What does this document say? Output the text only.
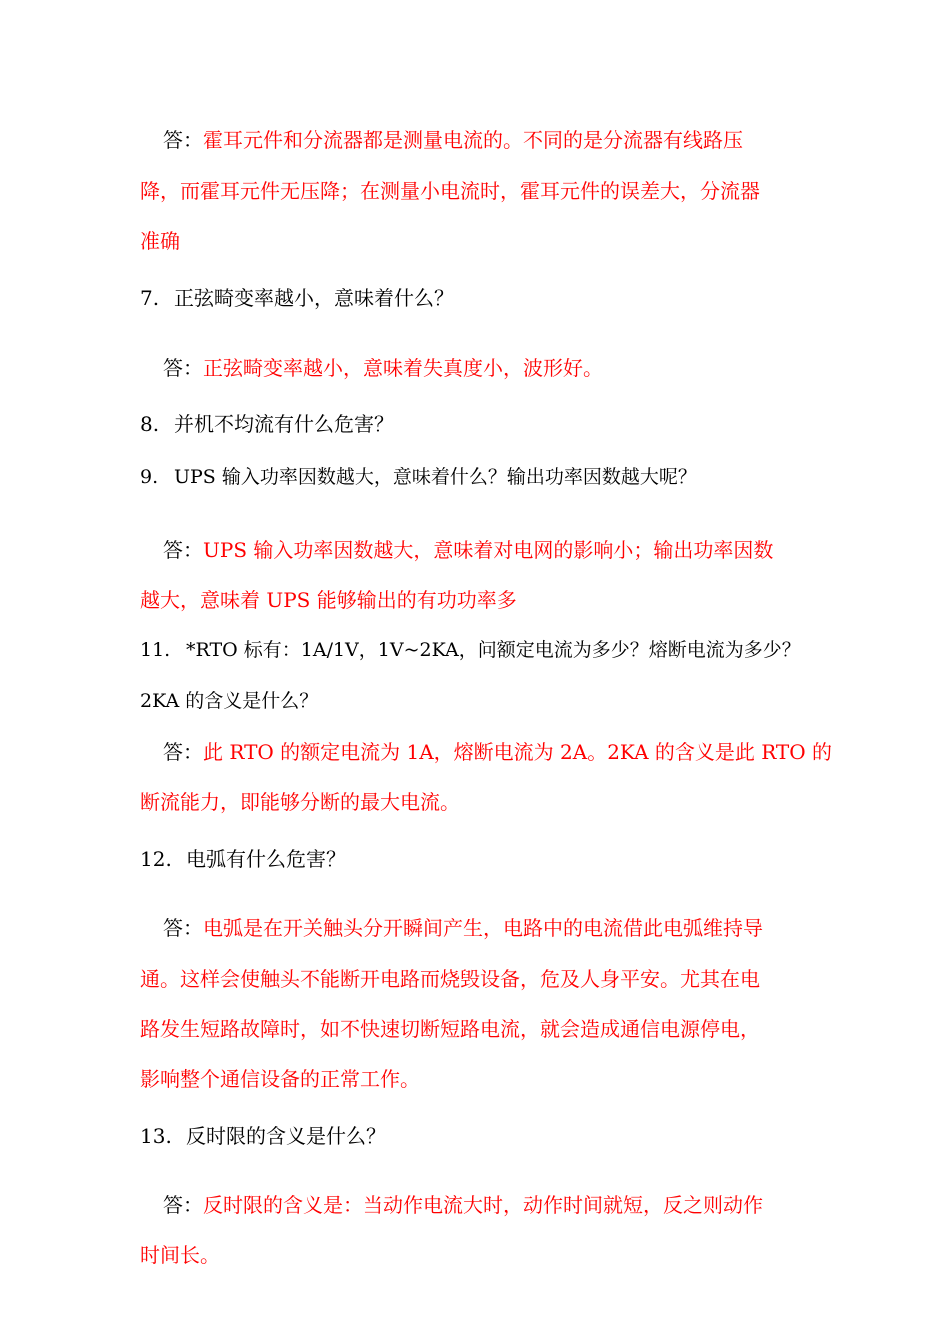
答：霍耳元件和分流器都是测量电流的。不同的是分流器有线路压
降，而霍耳元件无压降；在测量小电流时，霍耳元件的误差大，分流器
准确
7. 正弦畸变率越小，意味着什么？
答：正弦畸变率越小，意味着失真度小，波形好。
8. 并机不均流有什么危害？
9. UPS 输入功率因数越大，意味着什么？输出功率因数越大呢？
答：UPS 输入功率因数越大，意味着对电网的影响小；输出功率因数
越大，意味着 UPS 能够输出的有功功率多
11. *RTO 标有：1A/1V，1V~2KA，问额定电流为多少？熔断电流为多少？
2KA 的含义是什么？
答：此 RTO 的额定电流为 1A，熔断电流为 2A。2KA 的含义是此 RTO 的
断流能力，即能够分断的最大电流。
12. 电弧有什么危害？
答：电弧是在开关触头分开瞬间产生，电路中的电流借此电弧维持导
通。这样会使触头不能断开电路而烧毁设备，危及人身平安。尤其在电
路发生短路故障时，如不快速切断短路电流，就会造成通信电源停电，
影响整个通信设备的正常工作。
13. 反时限的含义是什么？
答：反时限的含义是：当动作电流大时，动作时间就短，反之则动作
时间长。
